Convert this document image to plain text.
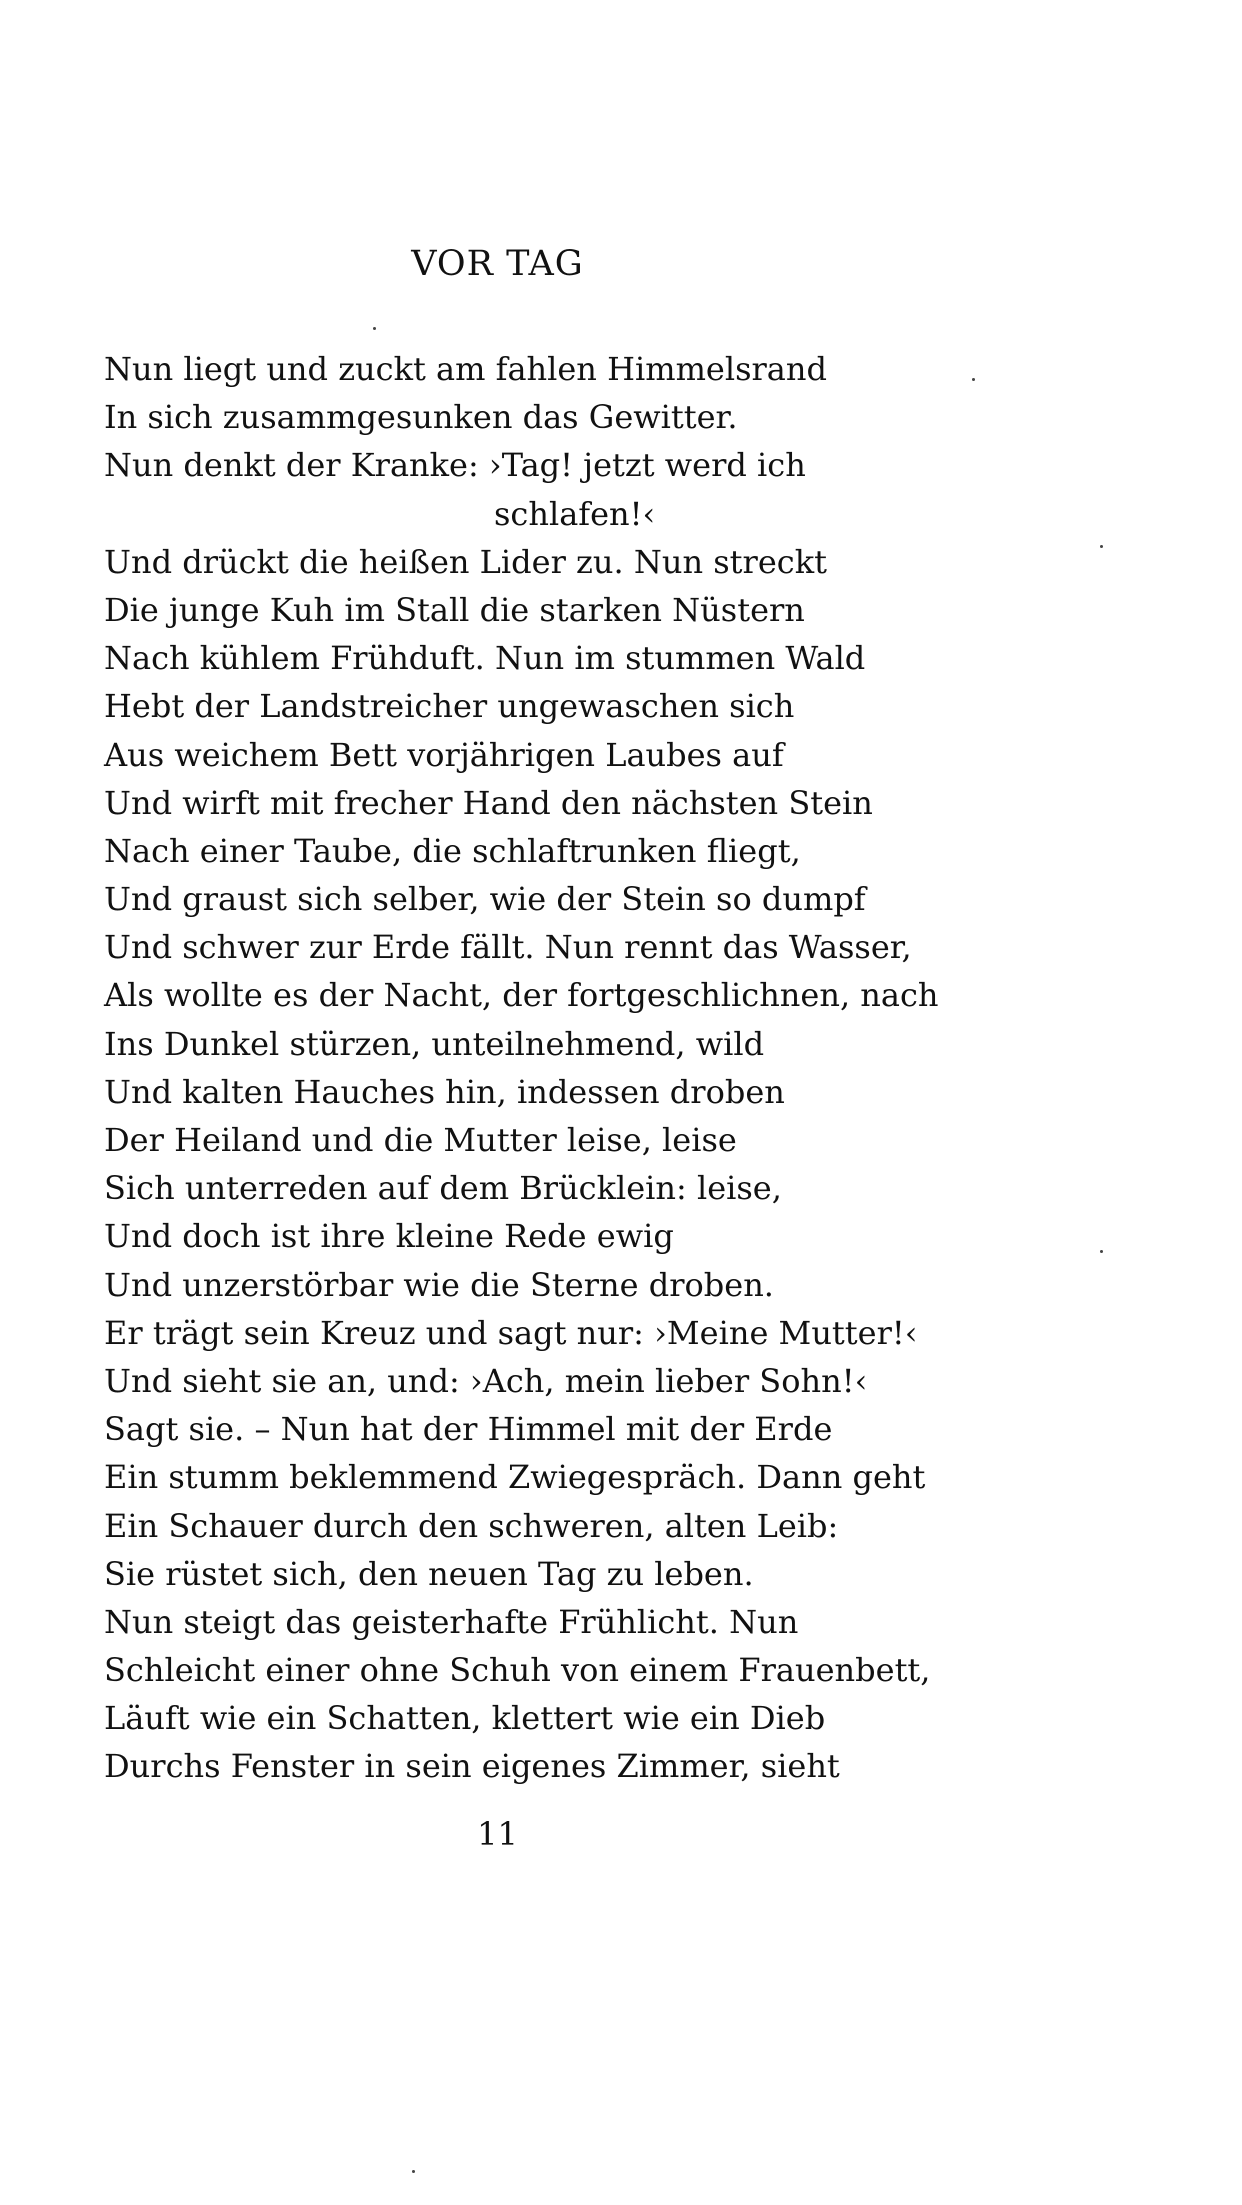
VOR TAG
Nun liegt und zuckt am fahlen Himmelsrand
In sich zusammgesunken das Gewitter.
Nun denkt der Kranke: ›Tag! jetzt werd ich
schlafen!‹
Und drückt die heißen Lider zu. Nun streckt
Die junge Kuh im Stall die starken Nüstern
Nach kühlem Frühduft. Nun im stummen Wald
Hebt der Landstreicher ungewaschen sich
Aus weichem Bett vorjährigen Laubes auf
Und wirft mit frecher Hand den nächsten Stein
Nach einer Taube, die schlaftrunken fliegt,
Und graust sich selber, wie der Stein so dumpf
Und schwer zur Erde fällt. Nun rennt das Wasser,
Als wollte es der Nacht, der fortgeschlichnen, nach
Ins Dunkel stürzen, unteilnehmend, wild
Und kalten Hauches hin, indessen droben
Der Heiland und die Mutter leise, leise
Sich unterreden auf dem Brücklein: leise,
Und doch ist ihre kleine Rede ewig
Und unzerstörbar wie die Sterne droben.
Er trägt sein Kreuz und sagt nur: ›Meine Mutter!‹
Und sieht sie an, und: ›Ach, mein lieber Sohn!‹
Sagt sie. – Nun hat der Himmel mit der Erde
Ein stumm beklemmend Zwiegespräch. Dann geht
Ein Schauer durch den schweren, alten Leib:
Sie rüstet sich, den neuen Tag zu leben.
Nun steigt das geisterhafte Frühlicht. Nun
Schleicht einer ohne Schuh von einem Frauenbett,
Läuft wie ein Schatten, klettert wie ein Dieb
Durchs Fenster in sein eigenes Zimmer, sieht
11
